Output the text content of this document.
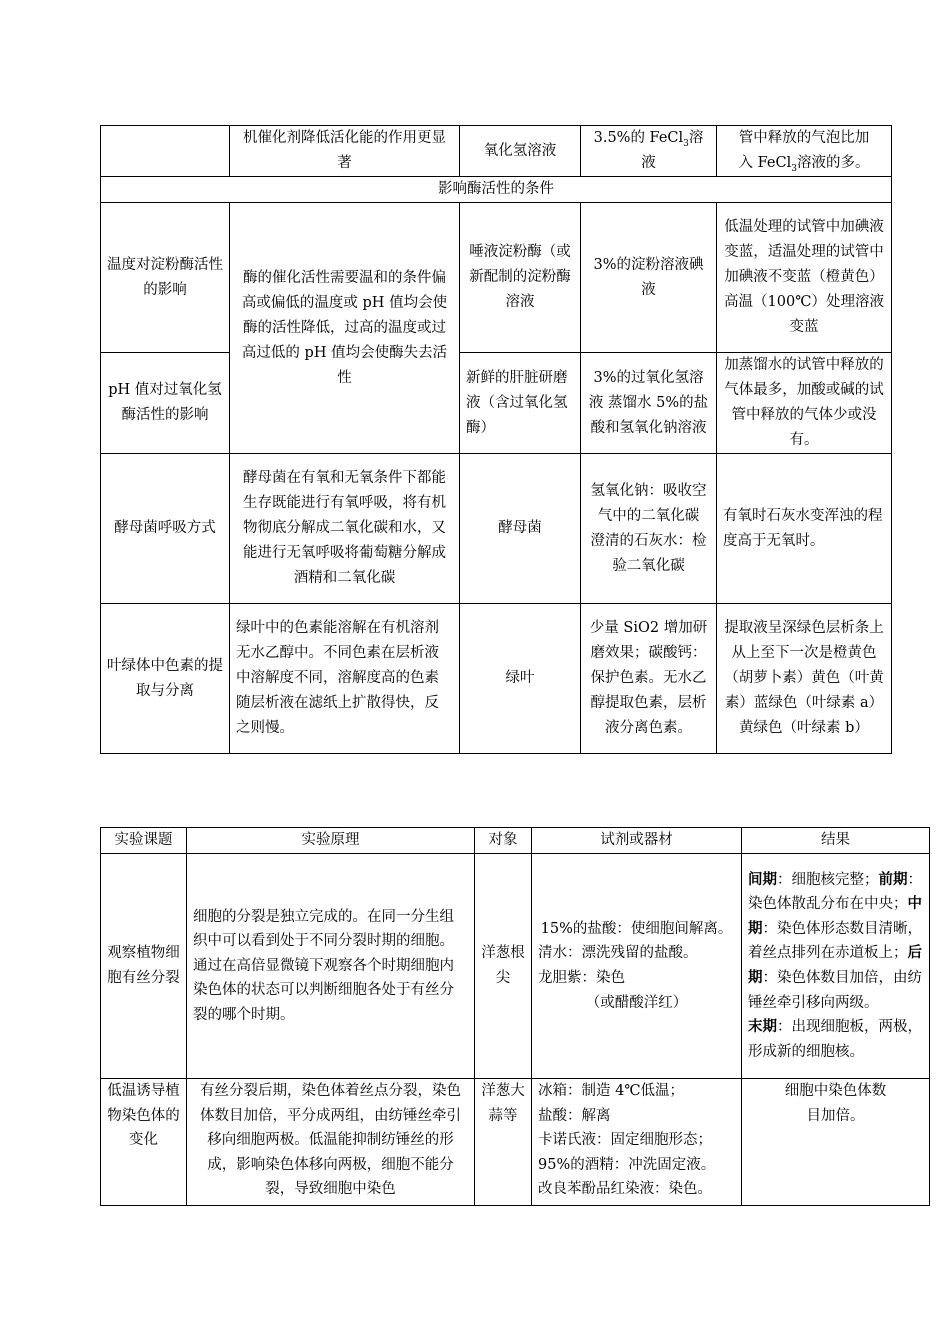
	机催化剂降低活化能的作用更显著	氧化氢溶液	3.5%的 FeCl$_3$溶液	管中释放的气泡比加
入 FeCl$_3$溶液的多。
影响酶活性的条件				
温度对淀粉酶活性的影响	酶的催化活性需要温和的条件偏高或偏低的温度或 pH 值均会使酶的活性降低，过高的温度或过高过低的 pH 值均会使酶失去活性	唾液淀粉酶（或新配制的淀粉酶溶液	3%的淀粉溶液碘液	低温处理的试管中加碘液变蓝，适温处理的试管中加碘液不变蓝（橙黄色）高温（100℃）处理溶液变蓝
pH 值对过氧化氢酶活性的影响		新鲜的肝脏研磨液（含过氧化氢酶）	3%的过氧化氢溶液 蒸馏水 5%的盐酸和氢氧化钠溶液	加蒸馏水的试管中释放的气体最多，加酸或碱的试管中释放的气体少或没有。
酵母菌呼吸方式	酵母菌在有氧和无氧条件下都能生存既能进行有氧呼吸，将有机物彻底分解成二氧化碳和水，又能进行无氧呼吸将葡萄糖分解成酒精和二氧化碳	酵母菌	氢氧化钠：吸收空气中的二氧化碳
澄清的石灰水：检验二氧化碳	有氧时石灰水变浑浊的程度高于无氧时。
叶绿体中色素的提取与分离	绿叶中的色素能溶解在有机溶剂无水乙醇中。不同色素在层析液中溶解度不同，溶解度高的色素随层析液在滤纸上扩散得快，反之则慢。	绿叶	少量 SiO2 增加研磨效果；碳酸钙：保护色素。无水乙醇提取色素，层析液分离色素。	提取液呈深绿色层析条上从上至下一次是橙黄色（胡萝卜素）黄色（叶黄素）蓝绿色（叶绿素 a）黄绿色（叶绿素 b）
实验课题	实验原理	对象	试剂或器材	结果
观察植物细胞有丝分裂	细胞的分裂是独立完成的。在同一分生组织中可以看到处于不同分裂时期的细胞。通过在高倍显微镜下观察各个时期细胞内染色体的状态可以判断细胞各处于有丝分裂的哪个时期。	洋葱根尖	15%的盐酸：使细胞间解离。
清水：漂洗残留的盐酸。
龙胆紫：染色
（或醋酸洋红）	间期：细胞核完整；前期：染色体散乱分布在中央；中期：染色体形态数目清晰，着丝点排列在赤道板上；后期：染色体数目加倍，由纺锤丝牵引移向两级。
末期：出现细胞板，两极，形成新的细胞核。
低温诱导植物染色体的变化	有丝分裂后期，染色体着丝点分裂，染色体数目加倍，平分成两组，由纺锤丝牵引移向细胞两极。低温能抑制纺锤丝的形成，影响染色体移向两极，细胞不能分裂，导致细胞中染色	洋葱大蒜等	冰箱：制造 4℃低温；
盐酸：解离
卡诺氏液：固定细胞形态；
95%的酒精：冲洗固定液。
改良苯酚品红染液：染色。	细胞中染色体数目加倍。
